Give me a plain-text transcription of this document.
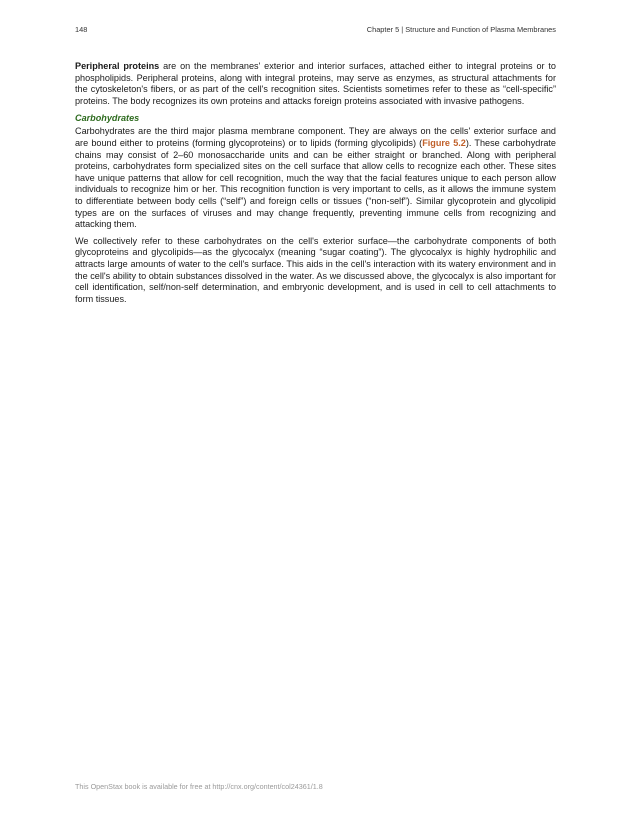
148	Chapter 5 | Structure and Function of Plasma Membranes

Peripheral proteins are on the membranes' exterior and interior surfaces, attached either to integral proteins or to phospholipids. Peripheral proteins, along with integral proteins, may serve as enzymes, as structural attachments for the cytoskeleton's fibers, or as part of the cell's recognition sites. Scientists sometimes refer to these as “cell-specific” proteins. The body recognizes its own proteins and attacks foreign proteins associated with invasive pathogens.

Carbohydrates

Carbohydrates are the third major plasma membrane component. They are always on the cells' exterior surface and are bound either to proteins (forming glycoproteins) or to lipids (forming glycolipids) (Figure 5.2). These carbohydrate chains may consist of 2–60 monosaccharide units and can be either straight or branched. Along with peripheral proteins, carbohydrates form specialized sites on the cell surface that allow cells to recognize each other. These sites have unique patterns that allow for cell recognition, much the way that the facial features unique to each person allow individuals to recognize him or her. This recognition function is very important to cells, as it allows the immune system to differentiate between body cells (“self”) and foreign cells or tissues (“non-self”). Similar glycoprotein and glycolipid types are on the surfaces of viruses and may change frequently, preventing immune cells from recognizing and attacking them.

We collectively refer to these carbohydrates on the cell's exterior surface—the carbohydrate components of both glycoproteins and glycolipids—as the glycocalyx (meaning “sugar coating”). The glycocalyx is highly hydrophilic and attracts large amounts of water to the cell's surface. This aids in the cell's interaction with its watery environment and in the cell's ability to obtain substances dissolved in the water. As we discussed above, the glycocalyx is also important for cell identification, self/non-self determination, and embryonic development, and is used in cell to cell attachments to form tissues.

This OpenStax book is available for free at http://cnx.org/content/col24361/1.8
